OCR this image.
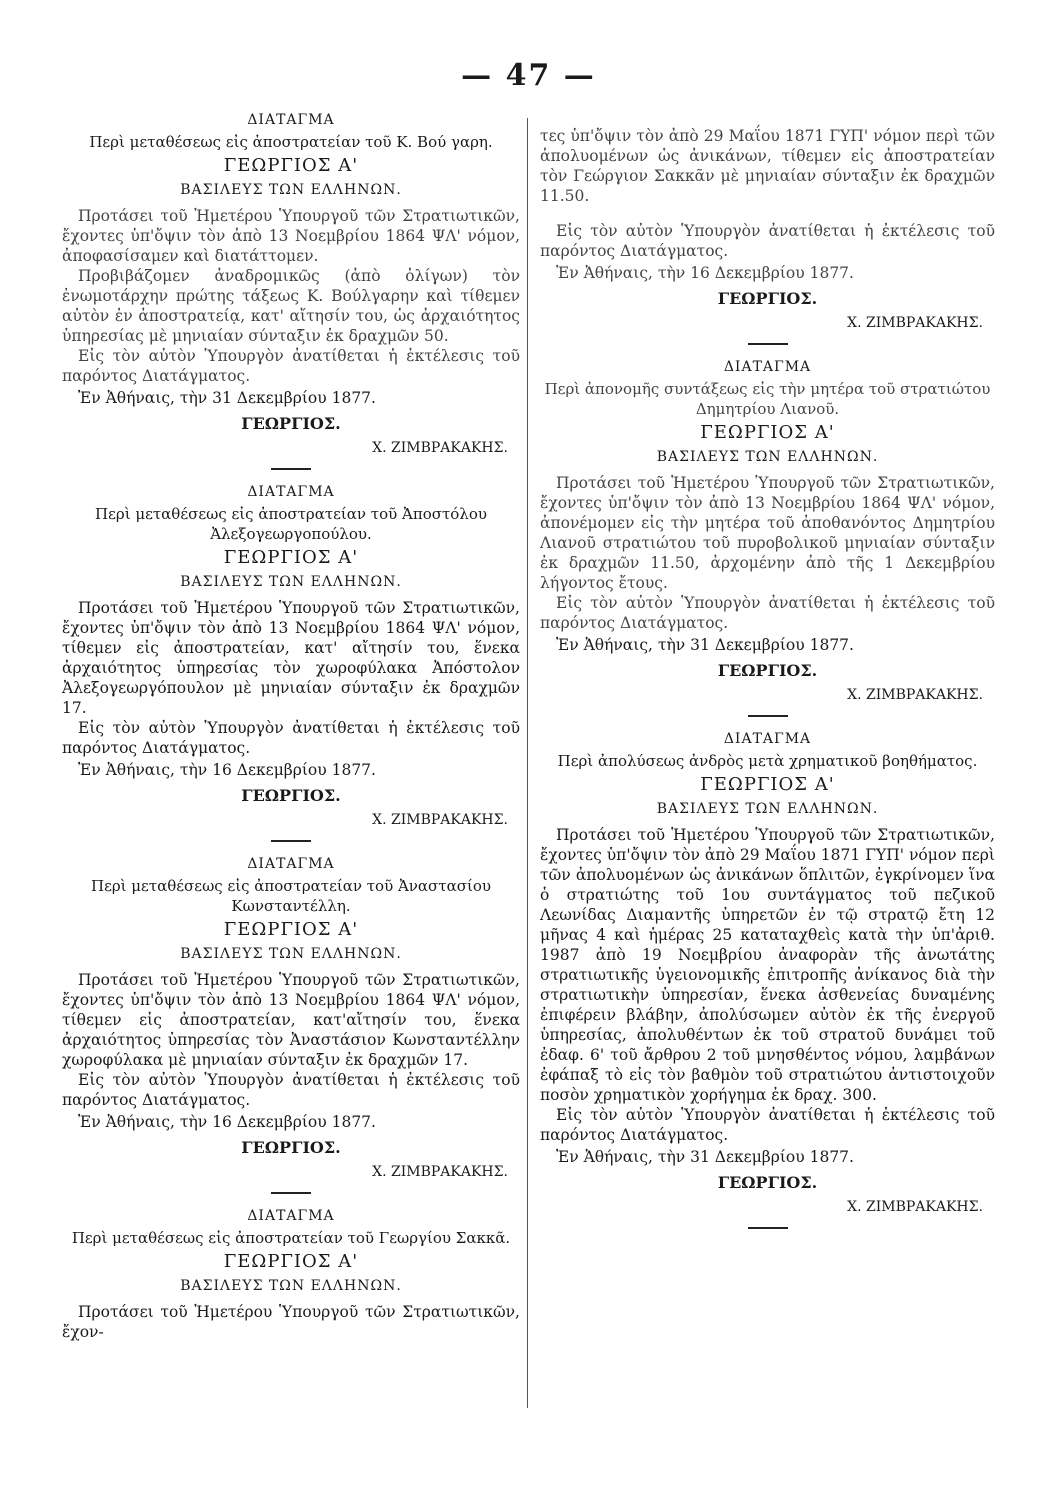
— 47 —
ΔΙΑΤΑΓΜΑ
Περὶ μεταθέσεως εἰς ἀποστρατείαν τοῦ Κ. Βού γαρη.
ΓΕΩΡΓΙΟΣ Α'
ΒΑΣΙΛΕΥΣ ΤΩΝ ΕΛΛΗΝΩΝ.

Προτάσει τοῦ Ἡμετέρου Ὑπουργοῦ τῶν Στρατιωτικῶν, ἔχοντες ὑπ'ὄψιν τὸν ἀπὸ 13 Νοεμβρίου 1864 ΨΛ' νόμον, ἀποφασίσαμεν καὶ διατάττομεν.

Προβιβάζομεν ἀναδρομικῶς (ἀπὸ ὀλίγων) τὸν ἐνωμοτάρχην πρώτης τάξεως Κ. Βούλγαρην καὶ τίθεμεν αὐτὸν ἐν ἀποστρατείᾳ, κατ' αἴτησίν του, ὡς ἀρχαιότητος ὑπηρεσίας μὲ μηνιαίαν σύνταξιν ἐκ δραχμῶν 50.

Εἰς τὸν αὐτὸν Ὑπουργὸν ἀνατίθεται ἡ ἐκτέλεσις τοῦ παρόντος Διατάγματος.

Ἐν Ἀθήναις, τὴν 31 Δεκεμβρίου 1877.
ΓΕΩΡΓΙΟΣ.
Χ. ΖΙΜΒΡΑΚΑΚΗΣ.
ΔΙΑΤΑΓΜΑ
Περὶ μεταθέσεως εἰς ἀποστρατείαν τοῦ Ἀποστόλου Ἀλεξογεωργοπούλου.
ΓΕΩΡΓΙΟΣ Α'
ΒΑΣΙΛΕΥΣ ΤΩΝ ΕΛΛΗΝΩΝ.

Προτάσει τοῦ Ἡμετέρου Ὑπουργοῦ τῶν Στρατιωτικῶν, ἔχοντες ὑπ'ὄψιν τὸν ἀπὸ 13 Νοεμβρίου 1864 ΨΛ' νόμον, τίθεμεν εἰς ἀποστρατείαν, κατ' αἴτησίν του, ἕνεκα ἀρχαιότητος ὑπηρεσίας τὸν χωροφύλακα Ἀπόστολον Ἀλεξογεωργόπουλον μὲ μηνιαίαν σύνταξιν ἐκ δραχμῶν 17.

Εἰς τὸν αὐτὸν Ὑπουργὸν ἀνατίθεται ἡ ἐκτέλεσις τοῦ παρόντος Διατάγματος.

Ἐν Ἀθήναις, τὴν 16 Δεκεμβρίου 1877.
ΓΕΩΡΓΙΟΣ.
Χ. ΖΙΜΒΡΑΚΑΚΗΣ.
ΔΙΑΤΑΓΜΑ
Περὶ μεταθέσεως εἰς ἀποστρατείαν τοῦ Ἀναστασίου Κωνσταντέλλη.
ΓΕΩΡΓΙΟΣ Α'
ΒΑΣΙΛΕΥΣ ΤΩΝ ΕΛΛΗΝΩΝ.

Προτάσει τοῦ Ἡμετέρου Ὑπουργοῦ τῶν Στρατιωτικῶν, ἔχοντες ὑπ'ὄψιν τὸν ἀπὸ 13 Νοεμβρίου 1864 ΨΛ' νόμον, τίθεμεν εἰς ἀποστρατείαν, κατ'αἴτησίν του, ἕνεκα ἀρχαιότητος ὑπηρεσίας τὸν Ἀναστάσιον Κωνσταντέλλην χωροφύλακα μὲ μηνιαίαν σύνταξιν ἐκ δραχμῶν 17.

Εἰς τὸν αὐτὸν Ὑπουργὸν ἀνατίθεται ἡ ἐκτέλεσις τοῦ παρόντος Διατάγματος.

Ἐν Ἀθήναις, τὴν 16 Δεκεμβρίου 1877.
ΓΕΩΡΓΙΟΣ.
Χ. ΖΙΜΒΡΑΚΑΚΗΣ.
ΔΙΑΤΑΓΜΑ
Περὶ μεταθέσεως εἰς ἀποστρατείαν τοῦ Γεωργίου Σακκᾶ.
ΓΕΩΡΓΙΟΣ Α'
ΒΑΣΙΛΕΥΣ ΤΩΝ ΕΛΛΗΝΩΝ.

Προτάσει τοῦ Ἡμετέρου Ὑπουργοῦ τῶν Στρατιωτικῶν, ἔχον-

τες ὑπ'ὄψιν τὸν ἀπὸ 29 Μαΐου 1871 ΓΥΠ' νόμον περὶ τῶν ἀπολυομένων ὡς ἀνικάνων, τίθεμεν εἰς ἀποστρατείαν τὸν Γεώργιον Σακκᾶν μὲ μηνιαίαν σύνταξιν ἐκ δραχμῶν 11.50.

Εἰς τὸν αὐτὸν Ὑπουργὸν ἀνατίθεται ἡ ἐκτέλεσις τοῦ παρόντος Διατάγματος.

Ἐν Ἀθήναις, τὴν 16 Δεκεμβρίου 1877.
ΓΕΩΡΓΙΟΣ.
Χ. ΖΙΜΒΡΑΚΑΚΗΣ.
ΔΙΑΤΑΓΜΑ
Περὶ ἀπονομῆς συντάξεως εἰς τὴν μητέρα τοῦ στρατιώτου Δημητρίου Λιανοῦ.
ΓΕΩΡΓΙΟΣ Α'
ΒΑΣΙΛΕΥΣ ΤΩΝ ΕΛΛΗΝΩΝ.

Προτάσει τοῦ Ἡμετέρου Ὑπουργοῦ τῶν Στρατιωτικῶν, ἔχοντες ὑπ'ὄψιν τὸν ἀπὸ 13 Νοεμβρίου 1864 ΨΛ' νόμον, ἀπονέμομεν εἰς τὴν μητέρα τοῦ ἀποθανόντος Δημητρίου Λιανοῦ στρατιώτου τοῦ πυροβολικοῦ μηνιαίαν σύνταξιν ἐκ δραχμῶν 11.50, ἀρχομένην ἀπὸ τῆς 1 Δεκεμβρίου λήγοντος ἔτους.

Εἰς τὸν αὐτὸν Ὑπουργὸν ἀνατίθεται ἡ ἐκτέλεσις τοῦ παρόντος Διατάγματος.

Ἐν Ἀθήναις, τὴν 31 Δεκεμβρίου 1877.
ΓΕΩΡΓΙΟΣ.
Χ. ΖΙΜΒΡΑΚΑΚΗΣ.
ΔΙΑΤΑΓΜΑ
Περὶ ἀπολύσεως ἀνδρὸς μετὰ χρηματικοῦ βοηθήματος.
ΓΕΩΡΓΙΟΣ Α'
ΒΑΣΙΛΕΥΣ ΤΩΝ ΕΛΛΗΝΩΝ.

Προτάσει τοῦ Ἡμετέρου Ὑπουργοῦ τῶν Στρατιωτικῶν, ἔχοντες ὑπ'ὄψιν τὸν ἀπὸ 29 Μαΐου 1871 ΓΥΠ' νόμον περὶ τῶν ἀπολυομένων ὡς ἀνικάνων ὅπλιτῶν, ἐγκρίνομεν ἵνα ὁ στρατιώτης τοῦ 1ου συντάγματος τοῦ πεζικοῦ Λεωνίδας Διαμαντῆς ὑπηρετῶν ἐν τῷ στρατῷ ἔτη 12 μῆνας 4 καὶ ἡμέρας 25 καταταχθεὶς κατὰ τὴν ὑπ'ἀριθ. 1987 ἀπὸ 19 Νοεμβρίου ἀναφορὰν τῆς ἀνωτάτης στρατιωτικῆς ὑγειονομικῆς ἐπιτροπῆς ἀνίκανος διὰ τὴν στρατιωτικὴν ὑπηρεσίαν, ἕνεκα ἀσθενείας δυναμένης ἐπιφέρειν βλάβην, ἀπολύσωμεν αὐτὸν ἐκ τῆς ἐνεργοῦ ὑπηρεσίας, ἀπολυθέντων ἐκ τοῦ στρατοῦ δυνάμει τοῦ ἐδαφ. 6' τοῦ ἄρθρου 2 τοῦ μνησθέντος νόμου, λαμβάνων ἐφάπαξ τὸ εἰς τὸν βαθμὸν τοῦ στρατιώτου ἀντιστοιχοῦν ποσὸν χρηματικὸν χορήγημα ἐκ δραχ. 300.

Εἰς τὸν αὐτὸν Ὑπουργὸν ἀνατίθεται ἡ ἐκτέλεσις τοῦ παρόντος Διατάγματος.

Ἐν Ἀθήναις, τὴν 31 Δεκεμβρίου 1877.
ΓΕΩΡΓΙΟΣ.
Χ. ΖΙΜΒΡΑΚΑΚΗΣ.
